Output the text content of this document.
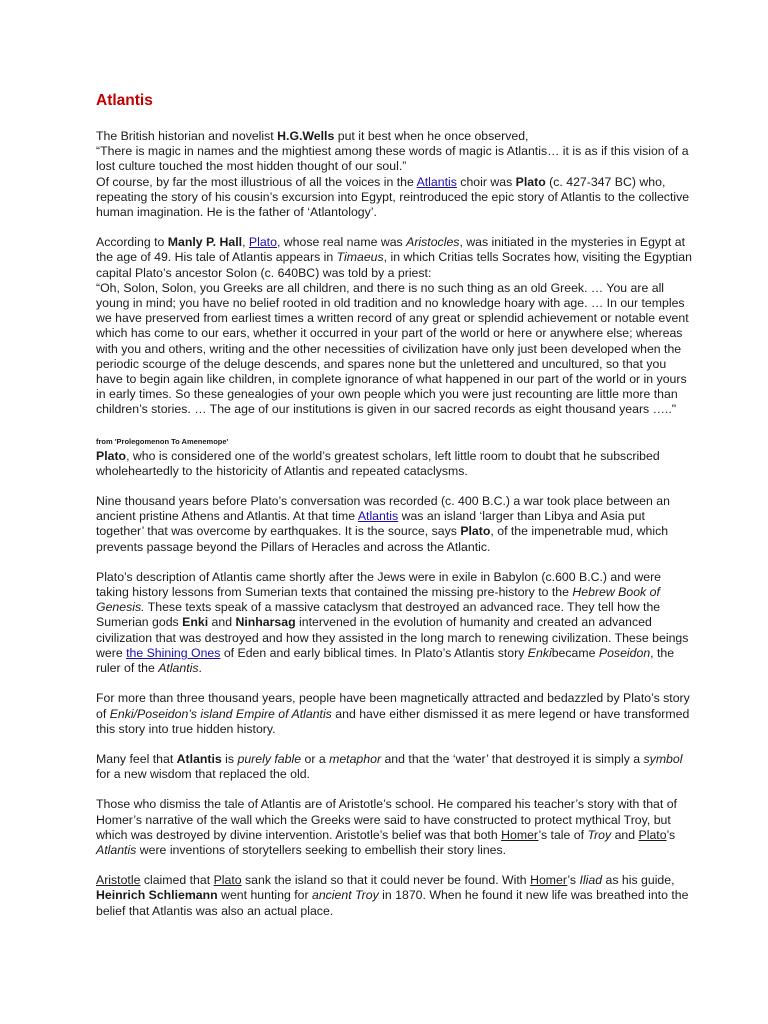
Atlantis

The British historian and novelist H.G.Wells put it best when he once observed,
“There is magic in names and the mightiest among these words of magic is Atlantis… it is as if this vision of a lost culture touched the most hidden thought of our soul.”
Of course, by far the most illustrious of all the voices in the Atlantis choir was Plato (c. 427-347 BC) who, repeating the story of his cousin’s excursion into Egypt, reintroduced the epic story of Atlantis to the collective human imagination. He is the father of ‘Atlantology’.

According to Manly P. Hall, Plato, whose real name was Aristocles, was initiated in the mysteries in Egypt at the age of 49. His tale of Atlantis appears in Timaeus, in which Critias tells Socrates how, visiting the Egyptian capital Plato’s ancestor Solon (c. 640BC) was told by a priest:
“Oh, Solon, Solon, you Greeks are all children, and there is no such thing as an old Greek. … You are all young in mind; you have no belief rooted in old tradition and no knowledge hoary with age. … In our temples we have preserved from earliest times a written record of any great or splendid achievement or notable event which has come to our ears, whether it occurred in your part of the world or here or anywhere else; whereas with you and others, writing and the other necessities of civilization have only just been developed when the periodic scourge of the deluge descends, and spares none but the unlettered and uncultured, so that you have to begin again like children, in complete ignorance of what happened in our part of the world or in yours in early times. So these genealogies of your own people which you were just recounting are little more than children’s stories. … The age of our institutions is given in our sacred records as eight thousand years ….."

from 'Prolegomenon To Amenemope'

Plato, who is considered one of the world’s greatest scholars, left little room to doubt that he subscribed wholeheartedly to the historicity of Atlantis and repeated cataclysms.

Nine thousand years before Plato’s conversation was recorded (c. 400 B.C.) a war took place between an ancient pristine Athens and Atlantis. At that time Atlantis was an island ‘larger than Libya and Asia put together’ that was overcome by earthquakes. It is the source, says Plato, of the impenetrable mud, which prevents passage beyond the Pillars of Heracles and across the Atlantic.

Plato’s description of Atlantis came shortly after the Jews were in exile in Babylon (c.600 B.C.) and were taking history lessons from Sumerian texts that contained the missing pre-history to the Hebrew Book of Genesis. These texts speak of a massive cataclysm that destroyed an advanced race. They tell how the Sumerian gods Enki and Ninharsag intervened in the evolution of humanity and created an advanced civilization that was destroyed and how they assisted in the long march to renewing civilization. These beings were the Shining Ones of Eden and early biblical times. In Plato’s Atlantis story Enkibecame Poseidon, the ruler of the Atlantis.

For more than three thousand years, people have been magnetically attracted and bedazzled by Plato’s story of Enki/Poseidon’s island Empire of Atlantis and have either dismissed it as mere legend or have transformed this story into true hidden history.

Many feel that Atlantis is purely fable or a metaphor and that the ‘water’ that destroyed it is simply a symbol for a new wisdom that replaced the old.

Those who dismiss the tale of Atlantis are of Aristotle’s school. He compared his teacher’s story with that of Homer’s narrative of the wall which the Greeks were said to have constructed to protect mythical Troy, but which was destroyed by divine intervention. Aristotle’s belief was that both Homer’s tale of Troy and Plato’s Atlantis were inventions of storytellers seeking to embellish their story lines.

Aristotle claimed that Plato sank the island so that it could never be found. With Homer’s Iliad as his guide, Heinrich Schliemann went hunting for ancient Troy in 1870. When he found it new life was breathed into the belief that Atlantis was also an actual place.
